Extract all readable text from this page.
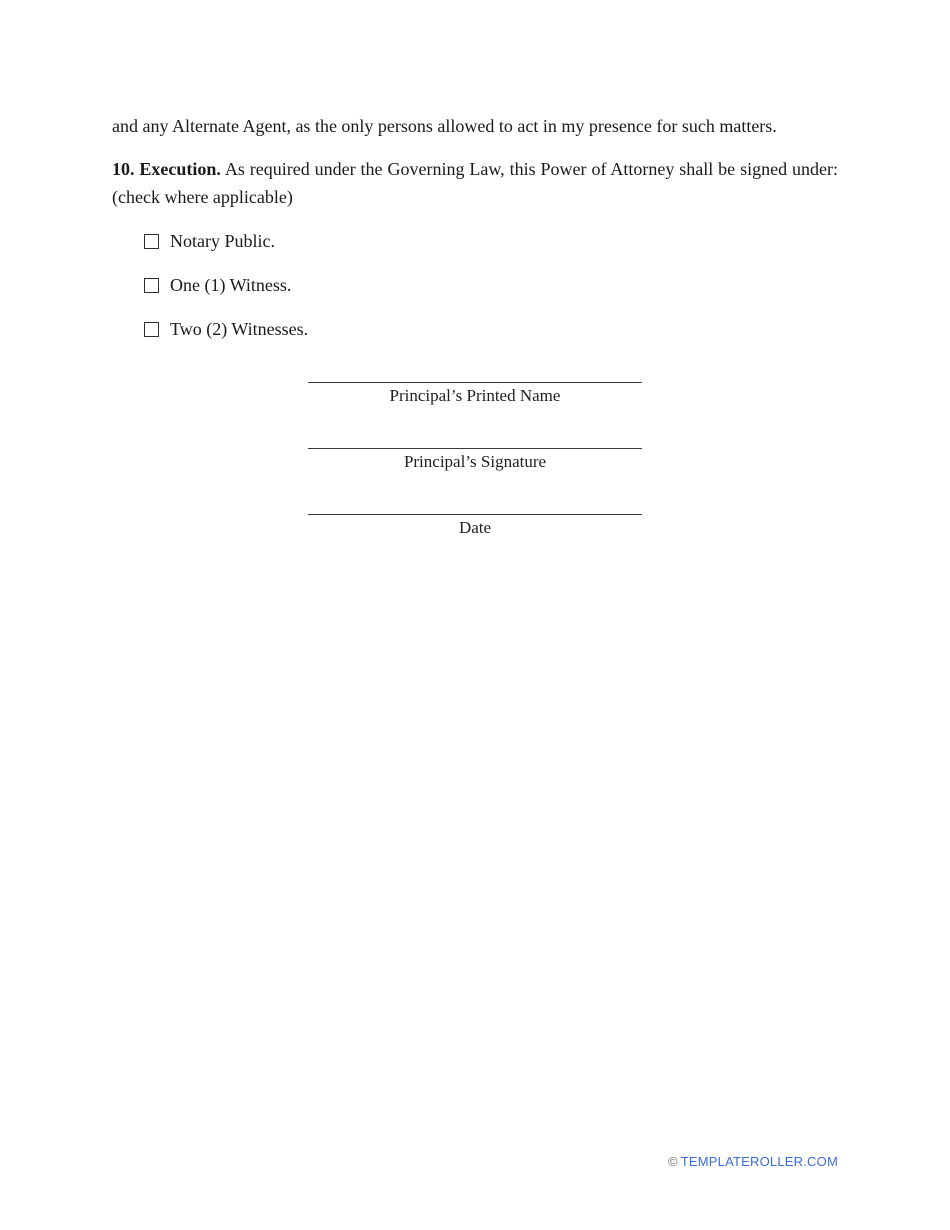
and any Alternate Agent, as the only persons allowed to act in my presence for such matters.

10. Execution. As required under the Governing Law, this Power of Attorney shall be signed under: (check where applicable)

Notary Public.
One (1) Witness.
Two (2) Witnesses.
Principal’s Printed Name
Principal’s Signature
Date
© TEMPLATEROLLER.COM
